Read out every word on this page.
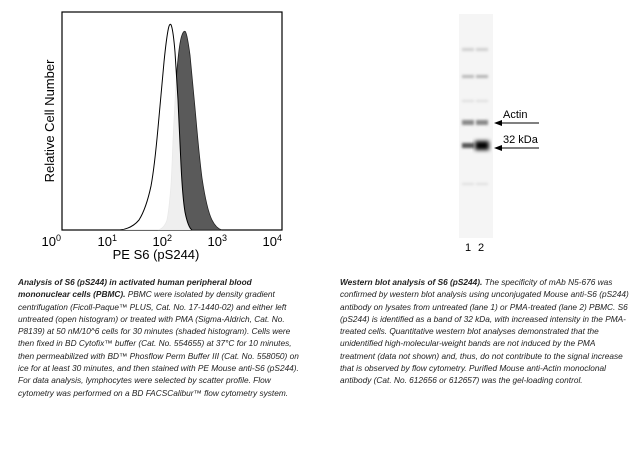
Relative Cell Number
$10^0$	$10^1$	$10^2$	$10^3$	$10^4$
PE S6 (pS244)
Actin
32 kDa
1 2
Analysis of S6 (pS244) in activated human peripheral blood mononuclear cells (PBMC). PBMC were isolated by density gradient centrifugation (Ficoll-Paque™ PLUS, Cat. No. 17-1440-02) and either left untreated (open histogram) or treated with PMA (Sigma-Aldrich, Cat. No. P8139) at 50 nM/10^6 cells for 30 minutes (shaded histogram). Cells were then fixed in BD Cytofix™ buffer (Cat. No. 554655) at 37°C for 10 minutes, then permeabilized with BD™ Phosflow Perm Buffer III (Cat. No. 558050) on ice for at least 30 minutes, and then stained with PE Mouse anti-S6 (pS244). For data analysis, lymphocytes were selected by scatter profile. Flow cytometry was performed on a BD FACSCalibur™ flow cytometry system.
Western blot analysis of S6 (pS244). The specificity of mAb N5-676 was confirmed by western blot analysis using unconjugated Mouse anti-S6 (pS244) antibody on lysates from untreated (lane 1) or PMA-treated (lane 2) PBMC. S6 (pS244) is identified as a band of 32 kDa, with increased intensity in the PMA-treated cells. Quantitative western blot analyses demonstrated that the unidentified high-molecular-weight bands are not induced by the PMA treatment (data not shown) and, thus, do not contribute to the signal increase that is observed by flow cytometry. Purified Mouse anti-Actin monoclonal antibody (Cat. No. 612656 or 612657) was the gel-loading control.
